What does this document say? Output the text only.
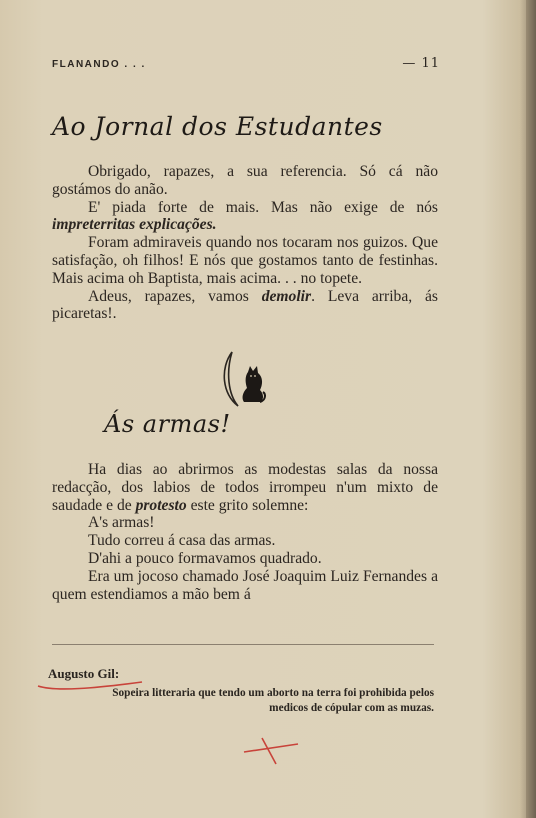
FLANANDO . . .	— 11
Ao Jornal dos Estudantes

Obrigado, rapazes, a sua referencia. Só cá não gostámos do anão.

E' piada forte de mais. Mas não exige de nós impreterritas explicações.

Foram admiraveis quando nos tocaram nos guizos. Que satisfação, oh filhos! E nós que gostamos tanto de festinhas. Mais acima oh Baptista, mais acima. . . no topete.

Adeus, rapazes, vamos demolir. Leva arriba, ás picaretas!.

Ás armas!

Ha dias ao abrirmos as modestas salas da nossa redacção, dos labios de todos irrompeu n'um mixto de saudade e de protesto este grito solemne:

A's armas!

Tudo correu á casa das armas.

D'ahi a pouco formavamos quadrado.

Era um jocoso chamado José Joaquim Luiz Fernandes a quem estendiamos a mão bem á

Augusto Gil:
Sopeira litteraria que tendo um aborto na terra foi prohibida pelos medicos de cópular com as muzas.
